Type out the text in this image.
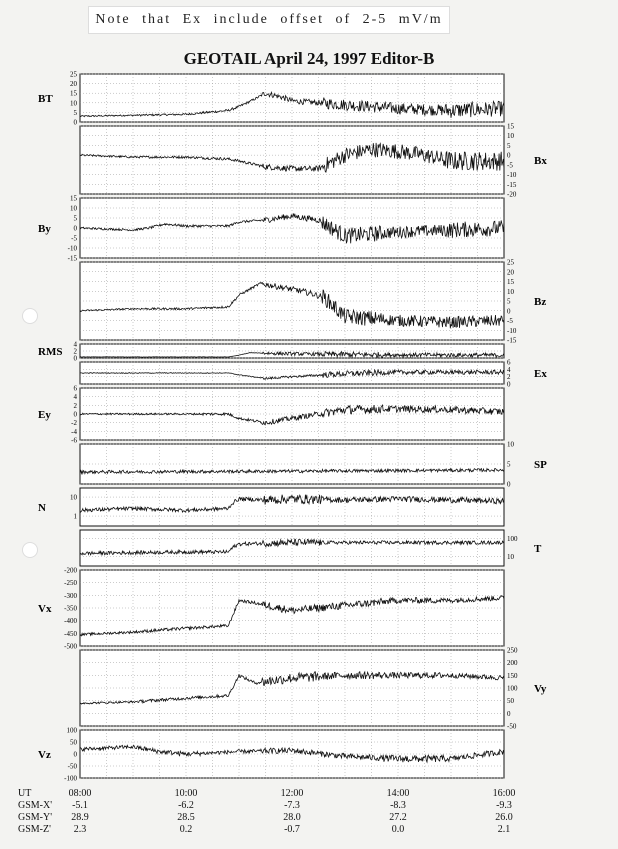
Note that Ex include offset of 2-5 mV/m
GEOTAIL April 24, 1997 Editor-B
0
5
10
15
20
25
BT
-20
-15
-10
-5
0
5
10
15
Bx
-15
-10
-5
0
5
10
15
By
-15
-10
-5
0
5
10
15
20
25
Bz
0
2
4
RMS
0
2
4
6
Ex
-6
-4
-2
0
2
4
6
Ey
0
5
10
SP
1
10
N
10
100
T
-500
-450
-400
-350
-300
-250
-200
Vx
-50
0
50
100
150
200
250
Vy
-100
-50
0
50
100
Vz
UT
GSM-X'
GSM-Y'
GSM-Z'
08:00
-5.1
28.9
2.3
10:00
-6.2
28.5
0.2
12:00
-7.3
28.0
-0.7
14:00
-8.3
27.2
0.0
16:00
-9.3
26.0
2.1
